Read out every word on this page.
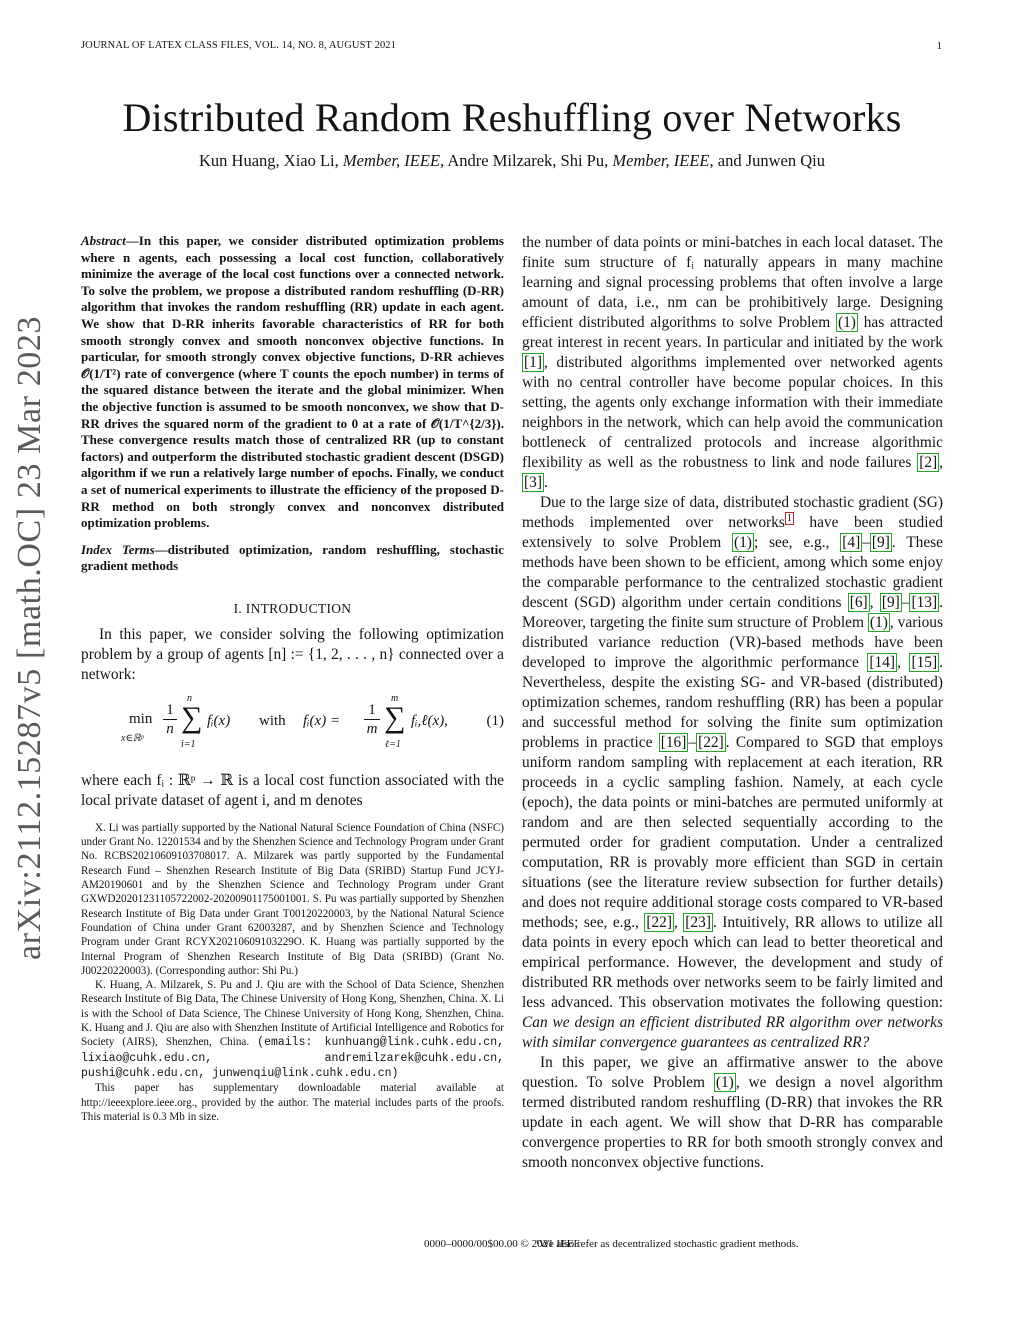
JOURNAL OF LATEX CLASS FILES, VOL. 14, NO. 8, AUGUST 2021	1
Distributed Random Reshuffling over Networks
Kun Huang, Xiao Li, Member, IEEE, Andre Milzarek, Shi Pu, Member, IEEE, and Junwen Qiu
arXiv:2112.15287v5 [math.OC] 23 Mar 2023

Abstract—In this paper, we consider distributed optimization problems where n agents, each possessing a local cost function, collaboratively minimize the average of the local cost functions over a connected network. To solve the problem, we propose a distributed random reshuffling (D-RR) algorithm that invokes the random reshuffling (RR) update in each agent. We show that D-RR inherits favorable characteristics of RR for both smooth strongly convex and smooth nonconvex objective functions. In particular, for smooth strongly convex objective functions, D-RR achieves 𝒪(1/T²) rate of convergence (where T counts the epoch number) in terms of the squared distance between the iterate and the global minimizer. When the objective function is assumed to be smooth nonconvex, we show that D-RR drives the squared norm of the gradient to 0 at a rate of 𝒪(1/T^{2/3}). These convergence results match those of centralized RR (up to constant factors) and outperform the distributed stochastic gradient descent (DSGD) algorithm if we run a relatively large number of epochs. Finally, we conduct a set of numerical experiments to illustrate the efficiency of the proposed D-RR method on both strongly convex and nonconvex distributed optimization problems.

Index Terms—distributed optimization, random reshuffling, stochastic gradient methods

I. INTRODUCTION

In this paper, we consider solving the following optimization problem by a group of agents [n] := {1, 2, . . . , n} connected over a network:

min
x∈ℝᵖ
$\frac{1}{n}$
n
∑
i=1
fᵢ(x) with fᵢ(x) = $\frac{1}{m}$
m
∑
ℓ=1
fᵢ,ℓ(x),	(1)

where each fᵢ : ℝᵖ → ℝ is a local cost function associated with the local private dataset of agent i, and m denotes

X. Li was partially supported by the National Natural Science Foundation of China (NSFC) under Grant No. 12201534 and by the Shenzhen Science and Technology Program under Grant No. RCBS20210609103708017. A. Milzarek was partly supported by the Fundamental Research Fund – Shenzhen Research Institute of Big Data (SRIBD) Startup Fund JCYJ-AM20190601 and by the Shenzhen Science and Technology Program under Grant GXWD20201231105722002-20200901175001001. S. Pu was partially supported by Shenzhen Research Institute of Big Data under Grant T00120220003, by the National Natural Science Foundation of China under Grant 62003287, and by Shenzhen Science and Technology Program under Grant RCYX20210609103229O. K. Huang was partially supported by the Internal Program of Shenzhen Research Institute of Big Data (SRIBD) (Grant No. J00220220003). (Corresponding author: Shi Pu.)

K. Huang, A. Milzarek, S. Pu and J. Qiu are with the School of Data Science, Shenzhen Research Institute of Big Data, The Chinese University of Hong Kong, Shenzhen, China. X. Li is with the School of Data Science, The Chinese University of Hong Kong, Shenzhen, China. K. Huang and J. Qiu are also with Shenzhen Institute of Artificial Intelligence and Robotics for Society (AIRS), Shenzhen, China. (emails: kunhuang@link.cuhk.edu.cn, lixiao@cuhk.edu.cn, andremilzarek@cuhk.edu.cn, pushi@cuhk.edu.cn, junwenqiu@link.cuhk.edu.cn)

This paper has supplementary downloadable material available at http://ieeexplore.ieee.org., provided by the author. The material includes parts of the proofs. This material is 0.3 Mb in size.

the number of data points or mini-batches in each local dataset. The finite sum structure of fᵢ naturally appears in many machine learning and signal processing problems that often involve a large amount of data, i.e., nm can be prohibitively large. Designing efficient distributed algorithms to solve Problem (1) has attracted great interest in recent years. In particular and initiated by the work [1] , distributed algorithms implemented over networked agents with no central controller have become popular choices. In this setting, the agents only exchange information with their immediate neighbors in the network, which can help avoid the communication bottleneck of centralized protocols and increase algorithmic flexibility as well as the robustness to link and node failures [2] , [3] .

Due to the large size of data, distributed stochastic gradient (SG) methods implemented over networks $^1$ have been studied extensively to solve Problem (1) ; see, e.g., [4] – [9] . These methods have been shown to be efficient, among which some enjoy the comparable performance to the centralized stochastic gradient descent (SGD) algorithm under certain conditions [6] , [9] – [13] . Moreover, targeting the finite sum structure of Problem (1) , various distributed variance reduction (VR)-based methods have been developed to improve the algorithmic performance [14] , [15] . Nevertheless, despite the existing SG- and VR-based (distributed) optimization schemes, random reshuffling (RR) has been a popular and successful method for solving the finite sum optimization problems in practice [16] – [22] . Compared to SGD that employs uniform random sampling with replacement at each iteration, RR proceeds in a cyclic sampling fashion. Namely, at each cycle (epoch), the data points or mini-batches are permuted uniformly at random and are then selected sequentially according to the permuted order for gradient computation. Under a centralized computation, RR is provably more efficient than SGD in certain situations (see the literature review subsection for further details) and does not require additional storage costs compared to VR-based methods; see, e.g., [22] , [23] . Intuitively, RR allows to utilize all data points in every epoch which can lead to better theoretical and empirical performance. However, the development and study of distributed RR methods over networks seem to be fairly limited and less advanced. This observation motivates the following question: Can we design an efficient distributed RR algorithm over networks with similar convergence guarantees as centralized RR?

In this paper, we give an affirmative answer to the above question. To solve Problem (1) , we design a novel algorithm termed distributed random reshuffling (D-RR) that invokes the RR update in each agent. We will show that D-RR has comparable convergence properties to RR for both smooth strongly convex and smooth nonconvex objective functions.

0000–0000/00$00.00 © 2021 IEEE
¹We also refer as decentralized stochastic gradient methods.
